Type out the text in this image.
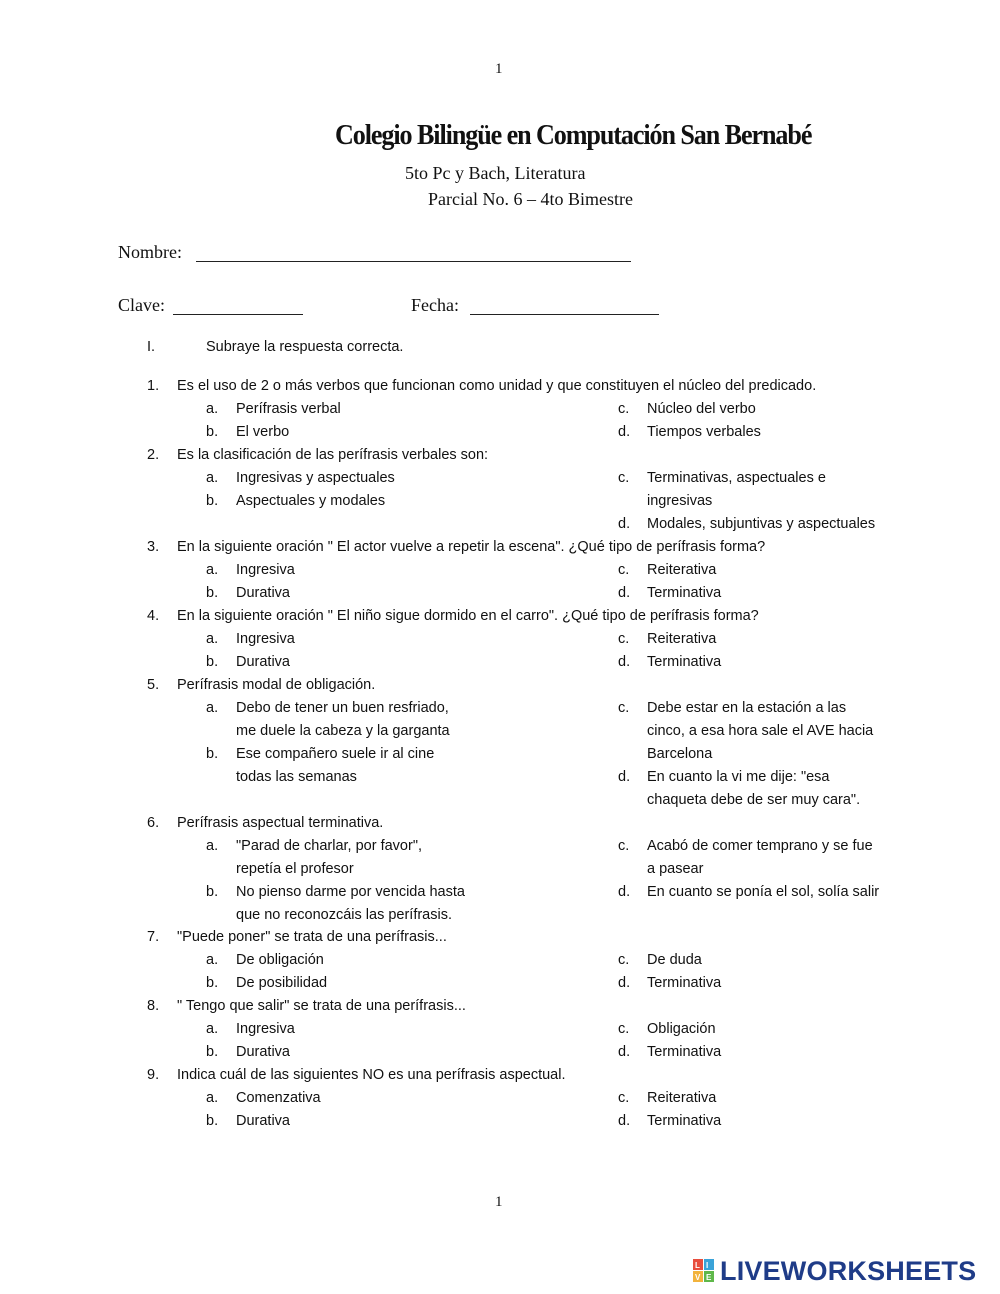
1
1
Colegio Bilingüe en Computación San Bernabé
5to Pc y Bach, Literatura
Parcial No. 6 – 4to Bimestre
Nombre:
Clave:	Fecha:
I.	Subraye la respuesta correcta.
1. Es el uso de 2 o más verbos que funcionan como unidad y que constituyen el núcleo del predicado.
a. Perífrasis verbal
b. El verbo
c. Núcleo del verbo
d. Tiempos verbales
2. Es la clasificación de las perífrasis verbales son:
a. Ingresivas y aspectuales
b. Aspectuales y modales
c. Terminativas, aspectuales e
ingresivas
d. Modales, subjuntivas y aspectuales
3. En la siguiente oración " El actor vuelve a repetir la escena". ¿Qué tipo de perífrasis forma?
a. Ingresiva
b. Durativa
c. Reiterativa
d. Terminativa
4. En la siguiente oración " El niño sigue dormido en el carro". ¿Qué tipo de perífrasis forma?
a. Ingresiva
b. Durativa
c. Reiterativa
d. Terminativa
5. Perífrasis modal de obligación.
a. Debo de tener un buen resfriado,
me duele la cabeza y la garganta
b. Ese compañero suele ir al cine
todas las semanas
c. Debe estar en la estación a las
cinco, a esa hora sale el AVE hacia
Barcelona
d. En cuanto la vi me dije: "esa
chaqueta debe de ser muy cara".
6. Perífrasis aspectual terminativa.
a. "Parad de charlar, por favor",
repetía el profesor
b. No pienso darme por vencida hasta
que no reconozcáis las perífrasis.
c. Acabó de comer temprano y se fue
a pasear
d. En cuanto se ponía el sol, solía salir
7. "Puede poner" se trata de una perífrasis...
a. De obligación
b. De posibilidad
c. De duda
d. Terminativa
8. " Tengo que salir" se trata de una perífrasis...
a. Ingresiva
b. Durativa
c. Obligación
d. Terminativa
9. Indica cuál de las siguientes NO es una perífrasis aspectual.
a. Comenzativa
b. Durativa
c. Reiterativa
d. Terminativa
L I
V E LIVEWORKSHEETS
